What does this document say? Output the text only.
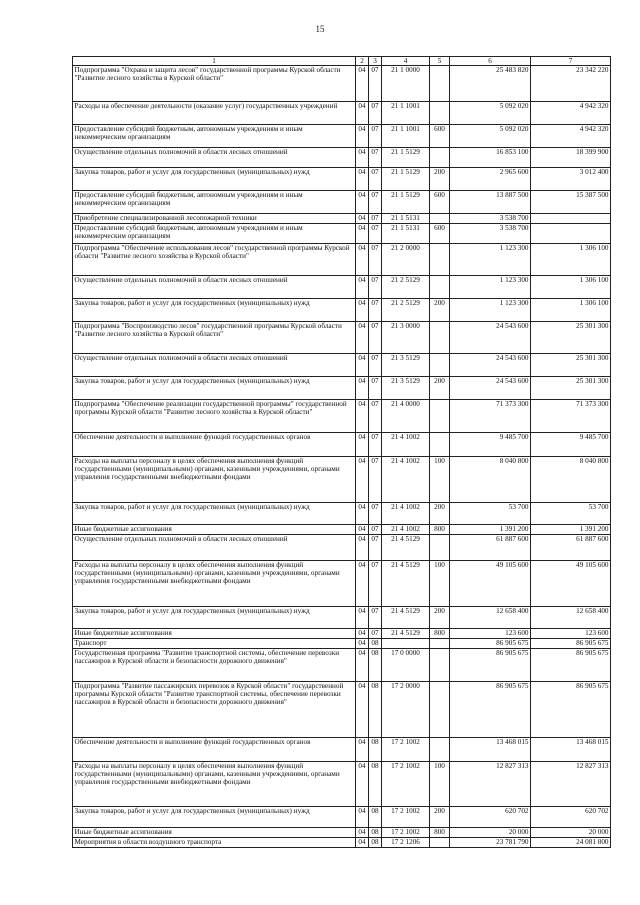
15
1	2	3	4	5	6	7
Подпрограмма "Охрана и защита лесов" государственной программы Курской области "Развитие лесного хозяйства в Курской области"	04	07	21 1 0000		25 483 820	23 342 220
Расходы на обеспечение деятельности (оказание услуг) государственных учреждений	04	07	21 1 1001		5 092 020	4 942 320
Предоставление субсидий бюджетным, автономным учреждениям и иным некоммерческим организациям	04	07	21 1 1001	600	5 092 020	4 942 320
Осуществление отдельных полномочий в области лесных отношений	04	07	21 1 5129		16 853 100	18 399 900
Закупка товаров, работ и услуг для государственных (муниципальных) нужд	04	07	21 1 5129	200	2 965 600	3 012 400
Предоставление субсидий бюджетным, автономным учреждениям и иным некоммерческим организациям	04	07	21 1 5129	600	13 887 500	15 387 500
Приобретение специализированной лесопожарной техники	04	07	21 1 5131		3 538 700	
Предоставление субсидий бюджетным, автономным учреждениям и иным некоммерческим организациям	04	07	21 1 5131	600	3 538 700	
Подпрограмма "Обеспечение использования лесов" государственной программы Курской области "Развитие лесного хозяйства в Курской области"	04	07	21 2 0000		1 123 300	1 306 100
Осуществление отдельных полномочий в области лесных отношений	04	07	21 2 5129		1 123 300	1 306 100
Закупка товаров, работ и услуг для государственных (муниципальных) нужд	04	07	21 2 5129	200	1 123 300	1 306 100
Подпрограмма "Воспроизводство лесов" государственной программы Курской области "Развитие лесного хозяйства в Курской области"	04	07	21 3 0000		24 543 600	25 301 300
Осуществление отдельных полномочий в области лесных отношений	04	07	21 3 5129		24 543 600	25 301 300
Закупка товаров, работ и услуг для государственных (муниципальных) нужд	04	07	21 3 5129	200	24 543 600	25 301 300
Подпрограмма "Обеспечение реализации государственной программы" государственной программы Курской области "Развитие лесного хозяйства в Курской области"	04	07	21 4 0000		71 373 300	71 373 300
Обеспечение деятельности и выполнение функций государственных органов	04	07	21 4 1002		9 485 700	9 485 700
Расходы на выплаты персоналу в целях обеспечения выполнения функций государственными (муниципальными) органами, казенными учреждениями, органами управления государственными внебюджетными фондами	04	07	21 4 1002	100	8 040 800	8 040 800
Закупка товаров, работ и услуг для государственных (муниципальных) нужд	04	07	21 4 1002	200	53 700	53 700
Иные бюджетные ассигнования	04	07	21 4 1002	800	1 391 200	1 391 200
Осуществление отдельных полномочий в области лесных отношений	04	07	21 4 5129		61 887 600	61 887 600
Расходы на выплаты персоналу в целях обеспечения выполнения функций государственными (муниципальными) органами, казенными учреждениями, органами управления государственными внебюджетными фондами	04	07	21 4 5129	100	49 105 600	49 105 600
Закупка товаров, работ и услуг для государственных (муниципальных) нужд	04	07	21 4 5129	200	12 658 400	12 658 400
Иные бюджетные ассигнования	04	07	21 4 5129	800	123 600	123 600
Транспорт	04	08			86 905 675	86 905 675
Государственная программа "Развитие транспортной системы, обеспечение перевозки пассажиров в Курской области и безопасности дорожного движения"	04	08	17 0 0000		86 905 675	86 905 675
Подпрограмма "Развитие пассажирских перевозок в Курской области" государственной программы Курской области "Развитие транспортной системы, обеспечение перевозки пассажиров в Курской области и безопасности дорожного движения"	04	08	17 2 0000		86 905 675	86 905 675
Обеспечение деятельности и выполнение функций государственных органов	04	08	17 2 1002		13 468 015	13 468 015
Расходы на выплаты персоналу в целях обеспечения выполнения функций государственными (муниципальными) органами, казенными учреждениями, органами управления государственными внебюджетными фондами	04	08	17 2 1002	100	12 827 313	12 827 313
Закупка товаров, работ и услуг для государственных (муниципальных) нужд	04	08	17 2 1002	200	620 702	620 702
Иные бюджетные ассигнования	04	08	17 2 1002	800	20 000	20 000
Мероприятия в области воздушного транспорта	04	08	17 2 1206		23 781 790	24 081 800
